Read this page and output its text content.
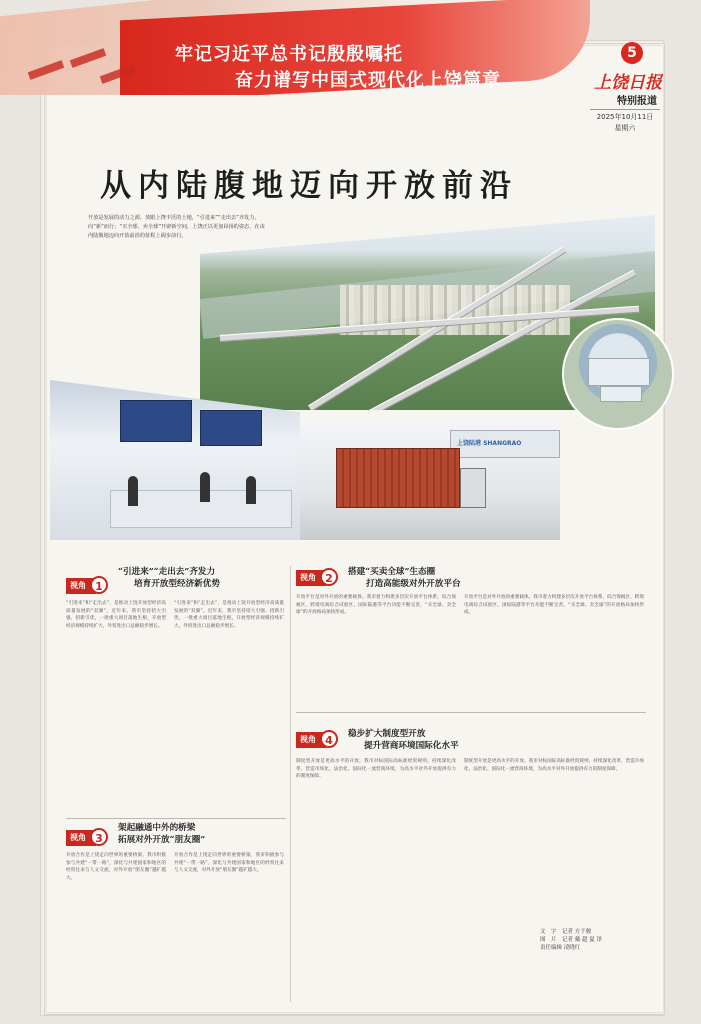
牢记习近平总书记殷殷嘱托
奋力谱写中国式现代化上饶篇章
5
上饶日报
特别报道
2025年10月11日
星期六
从内陆腹地迈向开放前沿
开放是发展的动力之源。放眼上饶丰沃的土地，“引进来”“走出去”齐发力，向“新”而行；“买全球、卖全球”开辟新空间，上饶正以更加昂扬的姿态，在由内陆腹地迈向开放前沿的征程上阔步前行。
上饶陆港 SHANGRAO
视角 1
“引进来”“走出去”齐发力
培育开放型经济新优势
“引进来”和“走出去”，是推动上饶开放型经济高质量发展的“双翼”。近年来，我市坚持招大引强、招新引优，一批重大项目落地生根，开放型经济规模持续扩大，外贸进出口总额稳步增长。
“引进来”和“走出去”，是推动上饶开放型经济高质量发展的“双翼”。近年来，我市坚持招大引强、招新引优，一批重大项目落地生根，开放型经济规模持续扩大，外贸进出口总额稳步增长。
视角 2	搭建“买卖全球”生态圈
打造高能级对外开放平台
开放平台是对外开放的重要载体。我市着力构建多层次开放平台体系，综合保税区、跨境电商综合试验区、国际陆港等平台功能不断完善，“买全球、卖全球”的开放格局加快形成。
开放平台是对外开放的重要载体。我市着力构建多层次开放平台体系，综合保税区、跨境电商综合试验区、国际陆港等平台功能不断完善，“买全球、卖全球”的开放格局加快形成。
视角 4	稳步扩大制度型开放
提升营商环境国际化水平
制度型开放是更高水平的开放。我市对标国际高标准经贸规则，持续深化改革，营造市场化、法治化、国际化一流营商环境，为高水平对外开放提供有力的制度保障。
制度型开放是更高水平的开放。我市对标国际高标准经贸规则，持续深化改革，营造市场化、法治化、国际化一流营商环境，为高水平对外开放提供有力的制度保障。
视角 3
架起融通中外的桥梁
拓展对外开放“朋友圈”
开放合作是上饶走向世界的重要桥梁。我市积极参与共建“一带一路”，深化与共建国家和地区的经贸往来与人文交流，对外开放“朋友圈”越扩越大。
开放合作是上饶走向世界的重要桥梁。我市积极参与共建“一带一路”，深化与共建国家和地区的经贸往来与人文交流，对外开放“朋友圈”越扩越大。
文　字　记者 方千骏
图　片　记者 戴 超 夏 泽
责任编辑 凌晓红
